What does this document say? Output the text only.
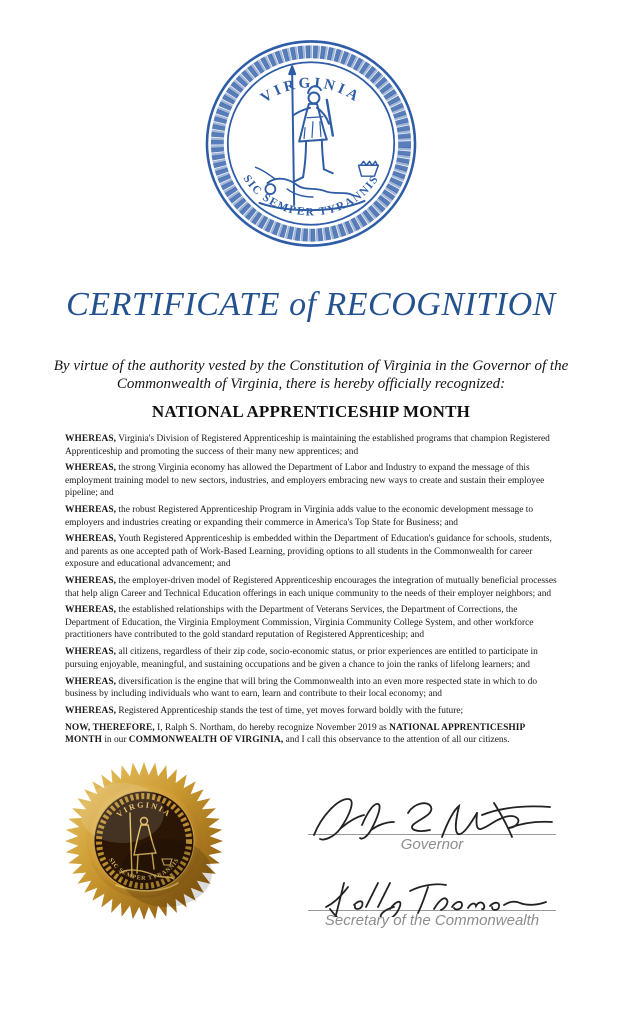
VIRGINIA
SIC SEMPER TYRANNIS
CERTIFICATE of RECOGNITION
By virtue of the authority vested by the Constitution of Virginia in the Governor of the Commonwealth of Virginia, there is hereby officially recognized:
NATIONAL APPRENTICESHIP MONTH

WHEREAS, Virginia's Division of Registered Apprenticeship is maintaining the established programs that champion Registered Apprenticeship and promoting the success of their many new apprentices; and

WHEREAS, the strong Virginia economy has allowed the Department of Labor and Industry to expand the message of this employment training model to new sectors, industries, and employers embracing new ways to create and sustain their employee pipeline; and

WHEREAS, the robust Registered Apprenticeship Program in Virginia adds value to the economic development message to employers and industries creating or expanding their commerce in America's Top State for Business; and

WHEREAS, Youth Registered Apprenticeship is embedded within the Department of Education's guidance for schools, students, and parents as one accepted path of Work-Based Learning, providing options to all students in the Commonwealth for career exposure and educational advancement; and

WHEREAS, the employer-driven model of Registered Apprenticeship encourages the integration of mutually beneficial processes that help align Career and Technical Education offerings in each unique community to the needs of their employer neighbors; and

WHEREAS, the established relationships with the Department of Veterans Services, the Department of Corrections, the Department of Education, the Virginia Employment Commission, Virginia Community College System, and other workforce practitioners have contributed to the gold standard reputation of Registered Apprenticeship; and

WHEREAS, all citizens, regardless of their zip code, socio-economic status, or prior experiences are entitled to participate in pursuing enjoyable, meaningful, and sustaining occupations and be given a chance to join the ranks of lifelong learners; and

WHEREAS, diversification is the engine that will bring the Commonwealth into an even more respected state in which to do business by including individuals who want to earn, learn and contribute to their local economy; and

WHEREAS, Registered Apprenticeship stands the test of time, yet moves forward boldly with the future;

NOW, THEREFORE, I, Ralph S. Northam, do hereby recognize November 2019 as NATIONAL APPRENTICESHIP MONTH in our COMMONWEALTH OF VIRGINIA, and I call this observance to the attention of all our citizens.

VIRGINIA
SIC SEMPER TYRANNIS
Governor
Secretary of the Commonwealth
